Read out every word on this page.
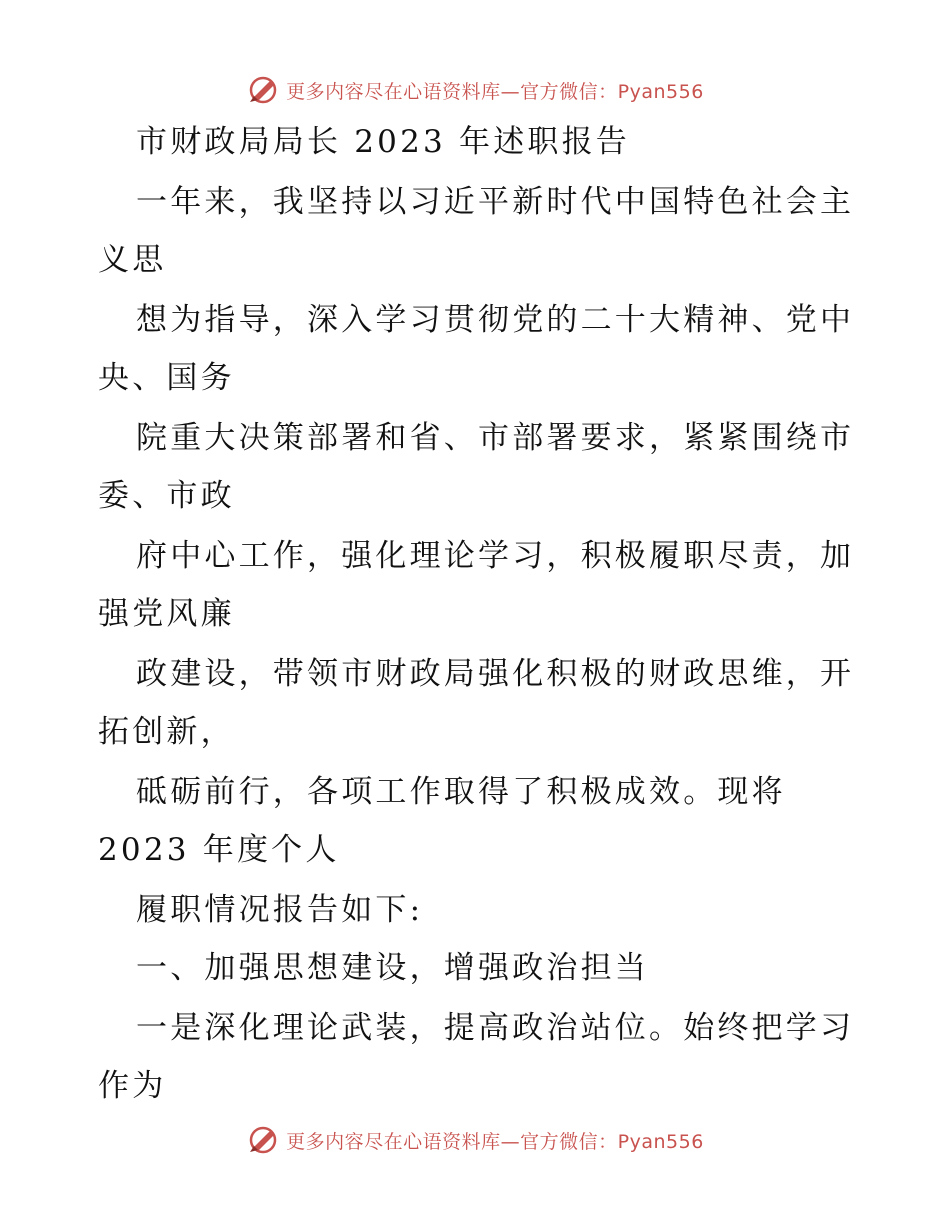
更多内容尽在心语资料库—官方微信：Pyan556
市财政局局长 2023 年述职报告
一年来，我坚持以习近平新时代中国特色社会主
义思
想为指导，深入学习贯彻党的二十大精神、党中
央、国务
院重大决策部署和省、市部署要求，紧紧围绕市
委、市政
府中心工作，强化理论学习，积极履职尽责，加
强党风廉
政建设，带领市财政局强化积极的财政思维，开
拓创新，
砥砺前行，各项工作取得了积极成效。现将
2023 年度个人
履职情况报告如下:
一、加强思想建设，增强政治担当
一是深化理论武装，提高政治站位。始终把学习
作为
更多内容尽在心语资料库—官方微信：Pyan556
